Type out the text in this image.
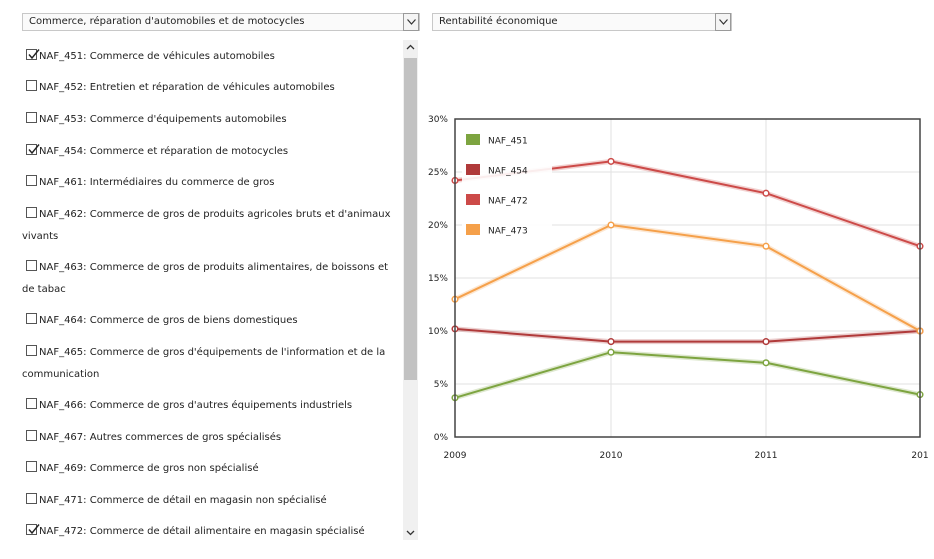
Commerce, réparation d'automobiles et de motocycles	Rentabilité économique
NAF_451: Commerce de véhicules automobiles
NAF_452: Entretien et réparation de véhicules automobiles
NAF_453: Commerce d'équipements automobiles
NAF_454: Commerce et réparation de motocycles
NAF_461: Intermédiaires du commerce de gros
NAF_462: Commerce de gros de produits agricoles bruts et d'animaux
vivants
NAF_463: Commerce de gros de produits alimentaires, de boissons et
de tabac
NAF_464: Commerce de gros de biens domestiques
NAF_465: Commerce de gros d'équipements de l'information et de la
communication
NAF_466: Commerce de gros d'autres équipements industriels
NAF_467: Autres commerces de gros spécialisés
NAF_469: Commerce de gros non spécialisé
NAF_471: Commerce de détail en magasin non spécialisé
NAF_472: Commerce de détail alimentaire en magasin spécialisé
0%
5%
10%
15%
20%
25%
30%
2009	2010	2011	201
NAF_451
NAF_454
NAF_472
NAF_473
